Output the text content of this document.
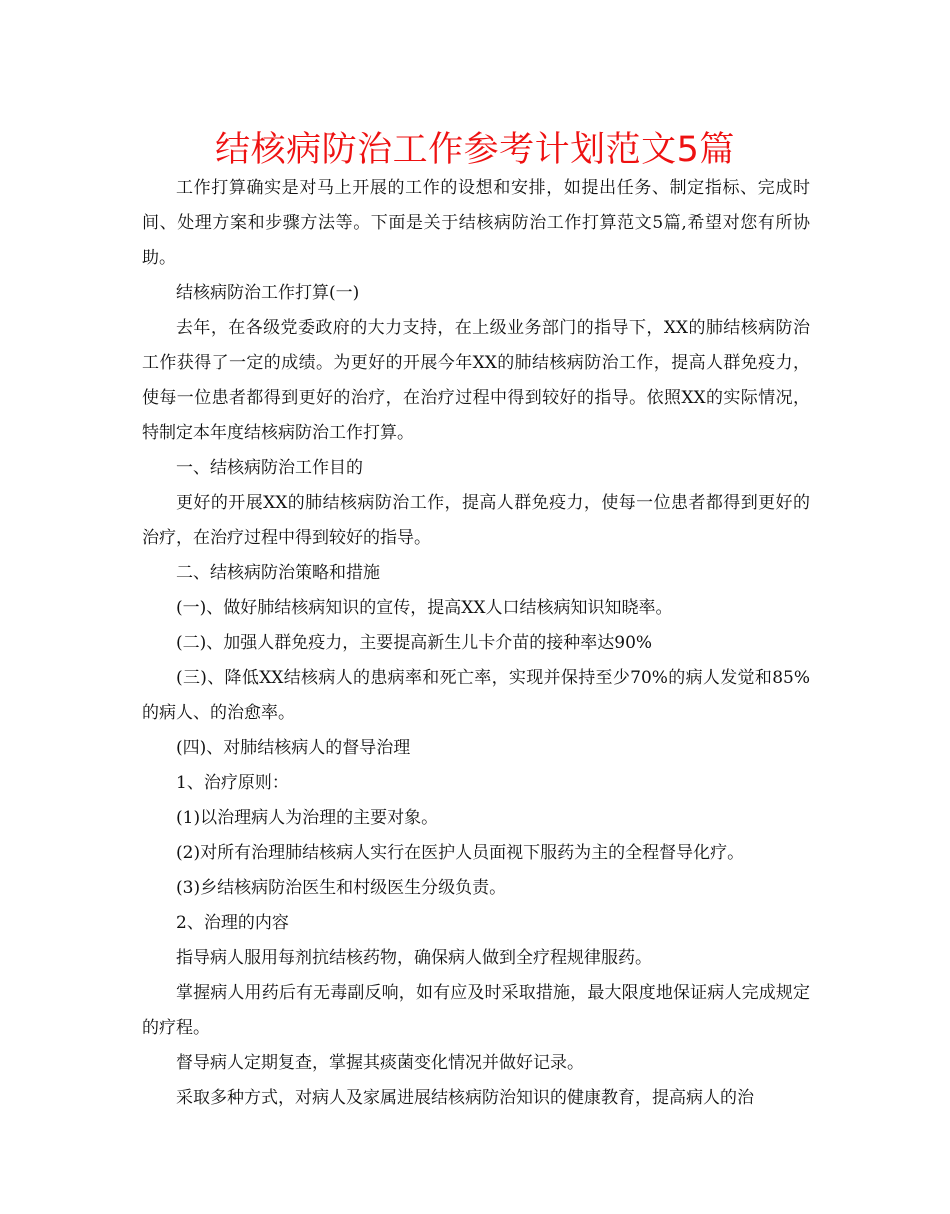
结核病防治工作参考计划范文5篇

工作打算确实是对马上开展的工作的设想和安排，如提出任务、制定指标、完成时间、处理方案和步骤方法等。下面是关于结核病防治工作打算范文5篇,希望对您有所协助。

结核病防治工作打算(一)

去年，在各级党委政府的大力支持，在上级业务部门的指导下，XX的肺结核病防治工作获得了一定的成绩。为更好的开展今年XX的肺结核病防治工作，提高人群免疫力，使每一位患者都得到更好的治疗，在治疗过程中得到较好的指导。依照XX的实际情况，特制定本年度结核病防治工作打算。

一、结核病防治工作目的

更好的开展XX的肺结核病防治工作，提高人群免疫力，使每一位患者都得到更好的治疗，在治疗过程中得到较好的指导。

二、结核病防治策略和措施

(一)、做好肺结核病知识的宣传，提高XX人口结核病知识知晓率。

(二)、加强人群免疫力，主要提高新生儿卡介苗的接种率达90%

(三)、降低XX结核病人的患病率和死亡率，实现并保持至少70%的病人发觉和85%的病人、的治愈率。

(四)、对肺结核病人的督导治理

1、治疗原则：

(1)以治理病人为治理的主要对象。

(2)对所有治理肺结核病人实行在医护人员面视下服药为主的全程督导化疗。

(3)乡结核病防治医生和村级医生分级负责。

2、治理的内容

指导病人服用每剂抗结核药物，确保病人做到全疗程规律服药。

掌握病人用药后有无毒副反响，如有应及时采取措施，最大限度地保证病人完成规定的疗程。

督导病人定期复查，掌握其痰菌变化情况并做好记录。

采取多种方式，对病人及家属进展结核病防治知识的健康教育，提高病人的治
